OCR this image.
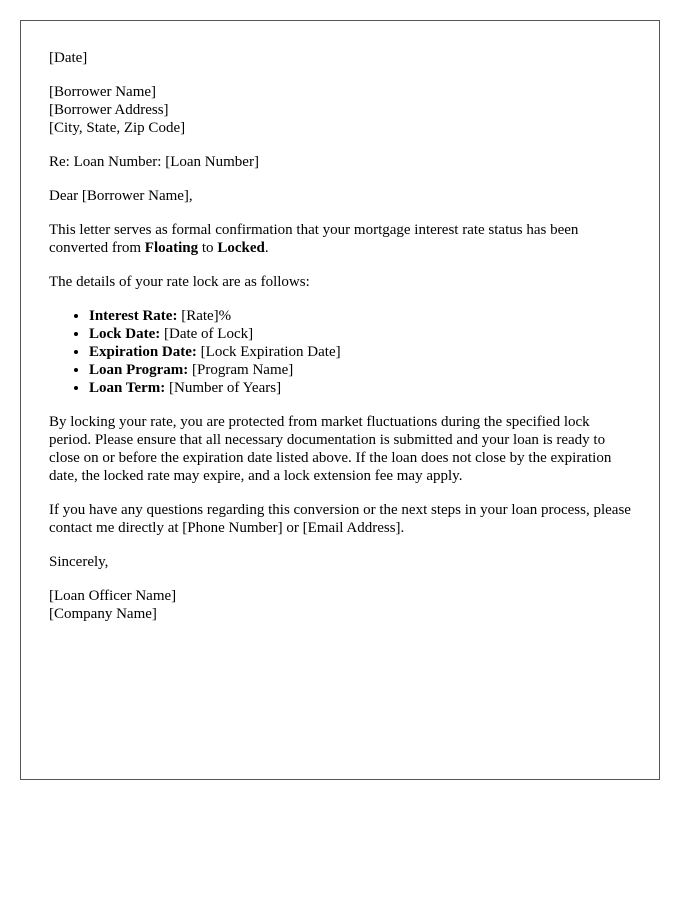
[Date]

[Borrower Name]
[Borrower Address]
[City, State, Zip Code]

Re: Loan Number: [Loan Number]

Dear [Borrower Name],

This letter serves as formal confirmation that your mortgage interest rate status has been converted from Floating to Locked.

The details of your rate lock are as follows:

• Interest Rate: [Rate]%
• Lock Date: [Date of Lock]
• Expiration Date: [Lock Expiration Date]
• Loan Program: [Program Name]
• Loan Term: [Number of Years]

By locking your rate, you are protected from market fluctuations during the specified lock period. Please ensure that all necessary documentation is submitted and your loan is ready to close on or before the expiration date listed above. If the loan does not close by the expiration date, the locked rate may expire, and a lock extension fee may apply.

If you have any questions regarding this conversion or the next steps in your loan process, please contact me directly at [Phone Number] or [Email Address].

Sincerely,

[Loan Officer Name]
[Company Name]
